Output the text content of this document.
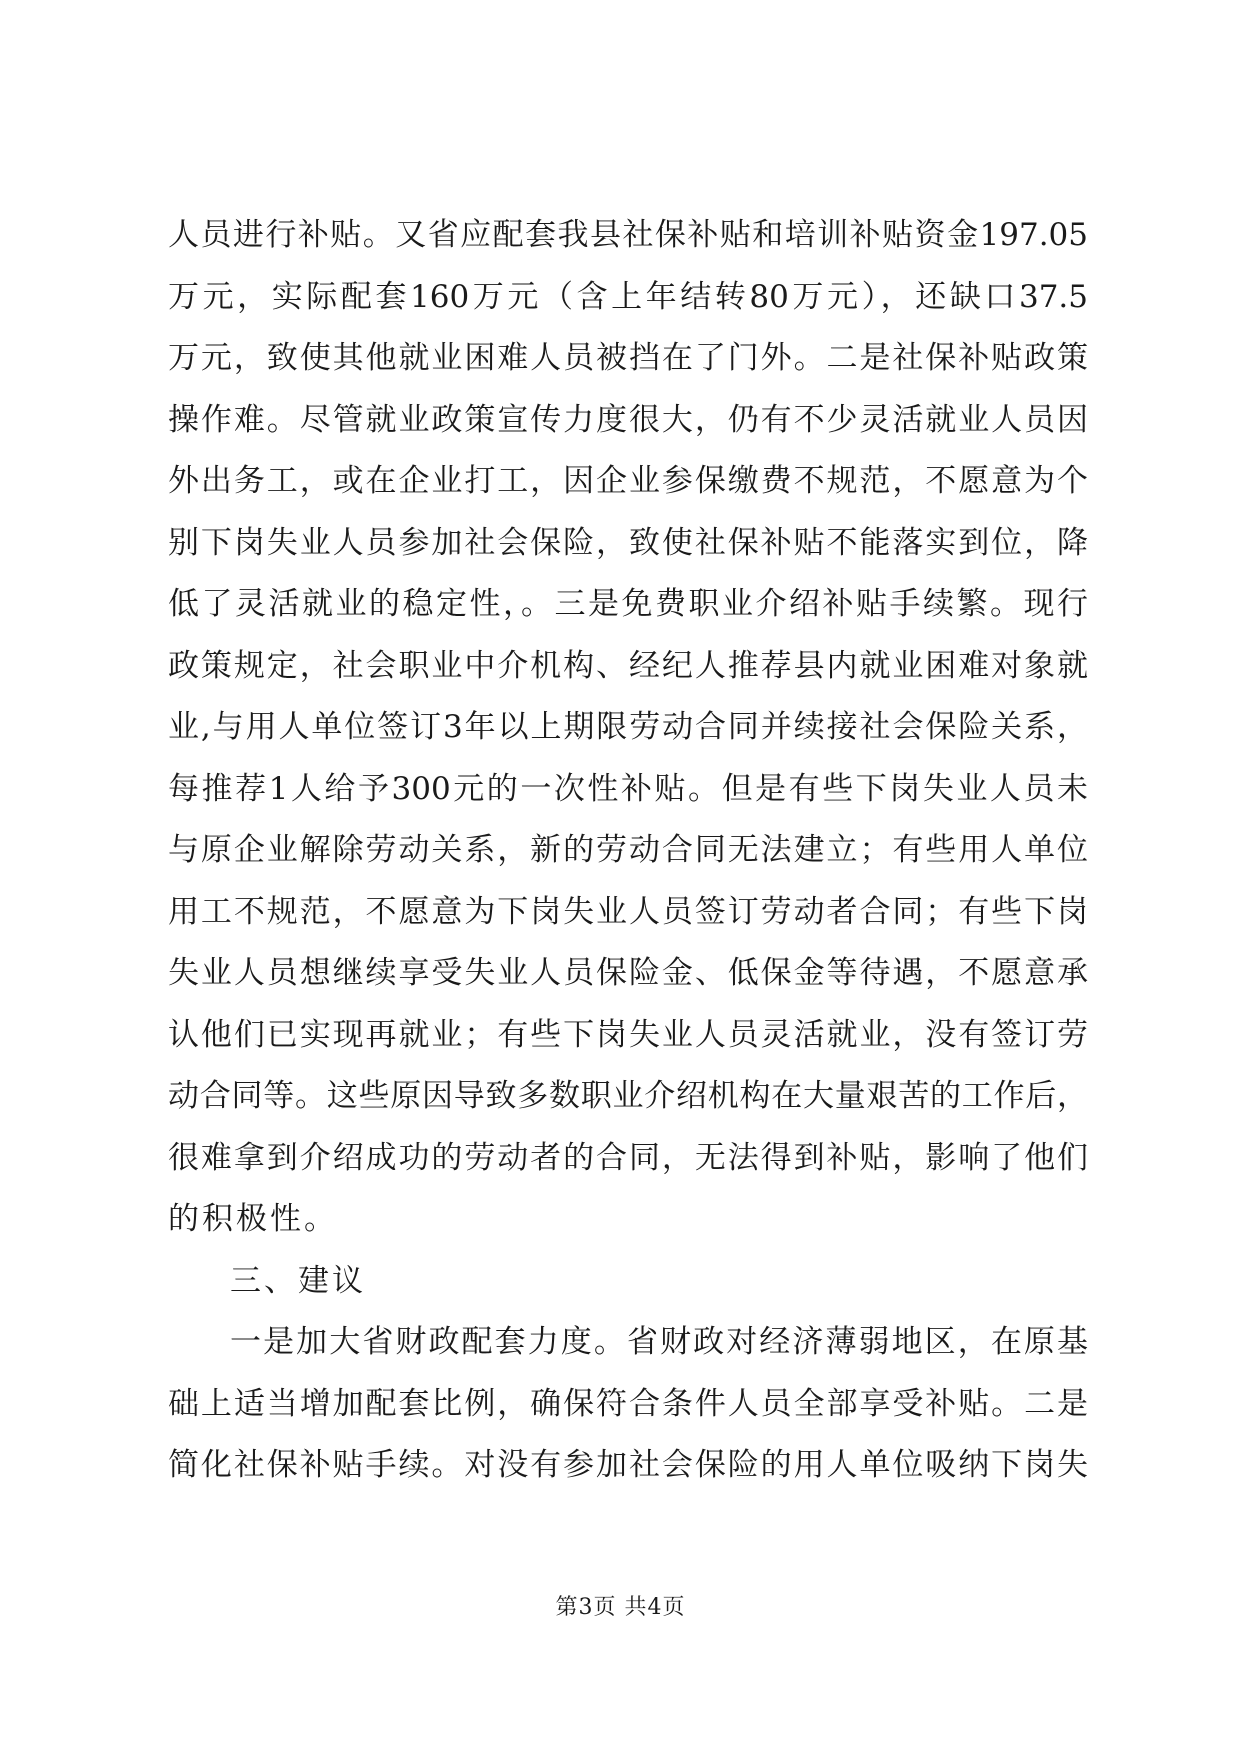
人员进行补贴。又省应配套我县社保补贴和培训补贴资金197.05
万元，实际配套160万元（含上年结转80万元），还缺口37.5
万元，致使其他就业困难人员被挡在了门外。二是社保补贴政策
操作难。尽管就业政策宣传力度很大，仍有不少灵活就业人员因
外出务工，或在企业打工，因企业参保缴费不规范，不愿意为个
别下岗失业人员参加社会保险，致使社保补贴不能落实到位，降
低了灵活就业的稳定性，。三是免费职业介绍补贴手续繁。现行
政策规定，社会职业中介机构、经纪人推荐县内就业困难对象就
业,与用人单位签订3年以上期限劳动合同并续接社会保险关系，
每推荐1人给予300元的一次性补贴。但是有些下岗失业人员未
与原企业解除劳动关系，新的劳动合同无法建立；有些用人单位
用工不规范，不愿意为下岗失业人员签订劳动者合同；有些下岗
失业人员想继续享受失业人员保险金、低保金等待遇，不愿意承
认他们已实现再就业；有些下岗失业人员灵活就业，没有签订劳
动合同等。这些原因导致多数职业介绍机构在大量艰苦的工作后，
很难拿到介绍成功的劳动者的合同，无法得到补贴，影响了他们
的积极性。
三、建议
一是加大省财政配套力度。省财政对经济薄弱地区，在原基
础上适当增加配套比例，确保符合条件人员全部享受补贴。二是
简化社保补贴手续。对没有参加社会保险的用人单位吸纳下岗失
第3页 共4页
